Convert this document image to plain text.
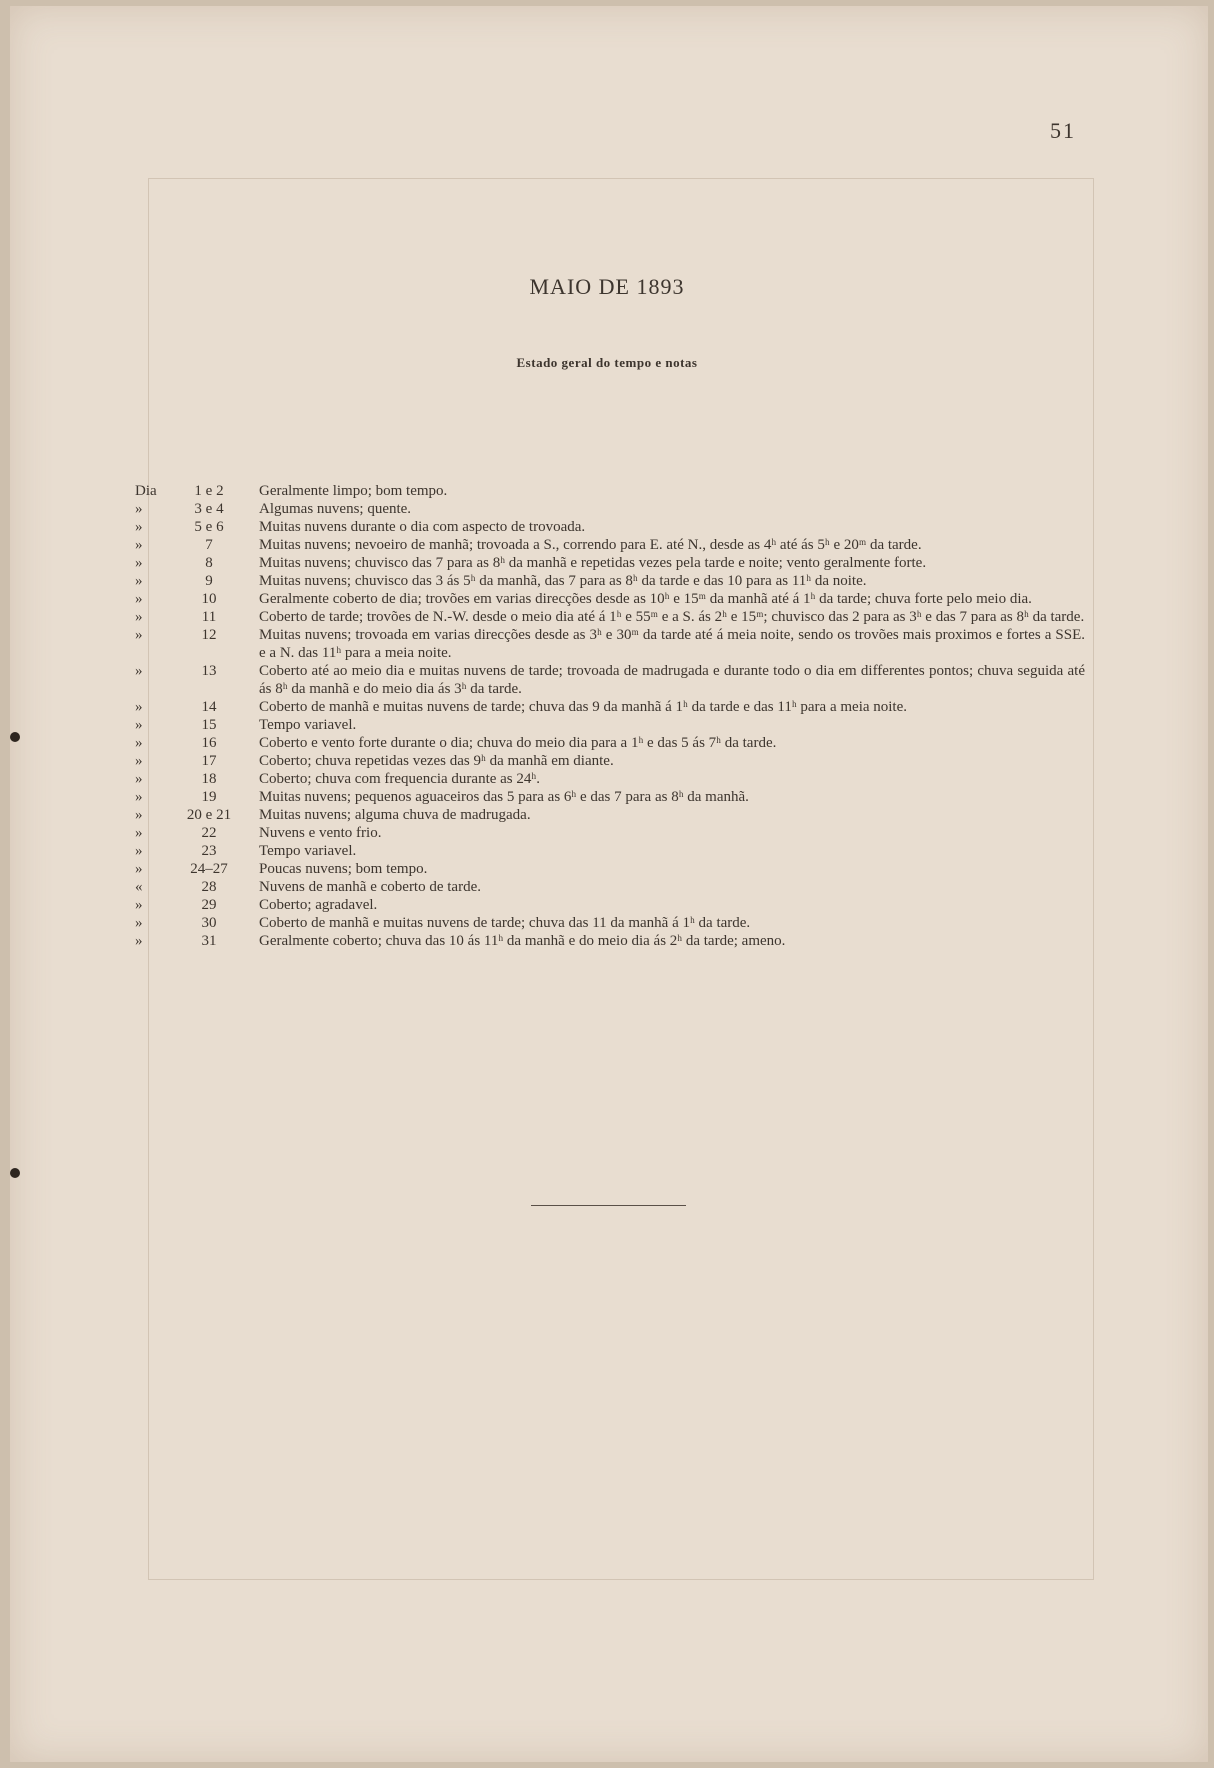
51
MAIO DE 1893
Estado geral do tempo e notas
Dia	1 e 2	Geralmente limpo; bom tempo.
»	3 e 4	Algumas nuvens; quente.
»	5 e 6	Muitas nuvens durante o dia com aspecto de trovoada.
»	7	Muitas nuvens; nevoeiro de manhã; trovoada a S., correndo para E. até N., desde as 4ʰ até ás 5ʰ e 20ᵐ da tarde.
»	8	Muitas nuvens; chuvisco das 7 para as 8ʰ da manhã e repetidas vezes pela tarde e noite; vento geralmente forte.
»	9	Muitas nuvens; chuvisco das 3 ás 5ʰ da manhã, das 7 para as 8ʰ da tarde e das 10 para as 11ʰ da noite.
»	10	Geralmente coberto de dia; trovões em varias direcções desde as 10ʰ e 15ᵐ da manhã até á 1ʰ da tarde; chuva forte pelo meio dia.
»	11	Coberto de tarde; trovões de N.-W. desde o meio dia até á 1ʰ e 55ᵐ e a S. ás 2ʰ e 15ᵐ; chuvisco das 2 para as 3ʰ e das 7 para as 8ʰ da tarde.
»	12	Muitas nuvens; trovoada em varias direcções desde as 3ʰ e 30ᵐ da tarde até á meia noite, sendo os trovões mais proximos e fortes a SSE. e a N. das 11ʰ para a meia noite.
»	13	Coberto até ao meio dia e muitas nuvens de tarde; trovoada de madrugada e durante todo o dia em differentes pontos; chuva seguida até ás 8ʰ da manhã e do meio dia ás 3ʰ da tarde.
»	14	Coberto de manhã e muitas nuvens de tarde; chuva das 9 da manhã á 1ʰ da tarde e das 11ʰ para a meia noite.
»	15	Tempo variavel.
»	16	Coberto e vento forte durante o dia; chuva do meio dia para a 1ʰ e das 5 ás 7ʰ da tarde.
»	17	Coberto; chuva repetidas vezes das 9ʰ da manhã em diante.
»	18	Coberto; chuva com frequencia durante as 24ʰ.
»	19	Muitas nuvens; pequenos aguaceiros das 5 para as 6ʰ e das 7 para as 8ʰ da manhã.
»	20 e 21	Muitas nuvens; alguma chuva de madrugada.
»	22	Nuvens e vento frio.
»	23	Tempo variavel.
»	24–27	Poucas nuvens; bom tempo.
«	28	Nuvens de manhã e coberto de tarde.
»	29	Coberto; agradavel.
»	30	Coberto de manhã e muitas nuvens de tarde; chuva das 11 da manhã á 1ʰ da tarde.
»	31	Geralmente coberto; chuva das 10 ás 11ʰ da manhã e do meio dia ás 2ʰ da tarde; ameno.
